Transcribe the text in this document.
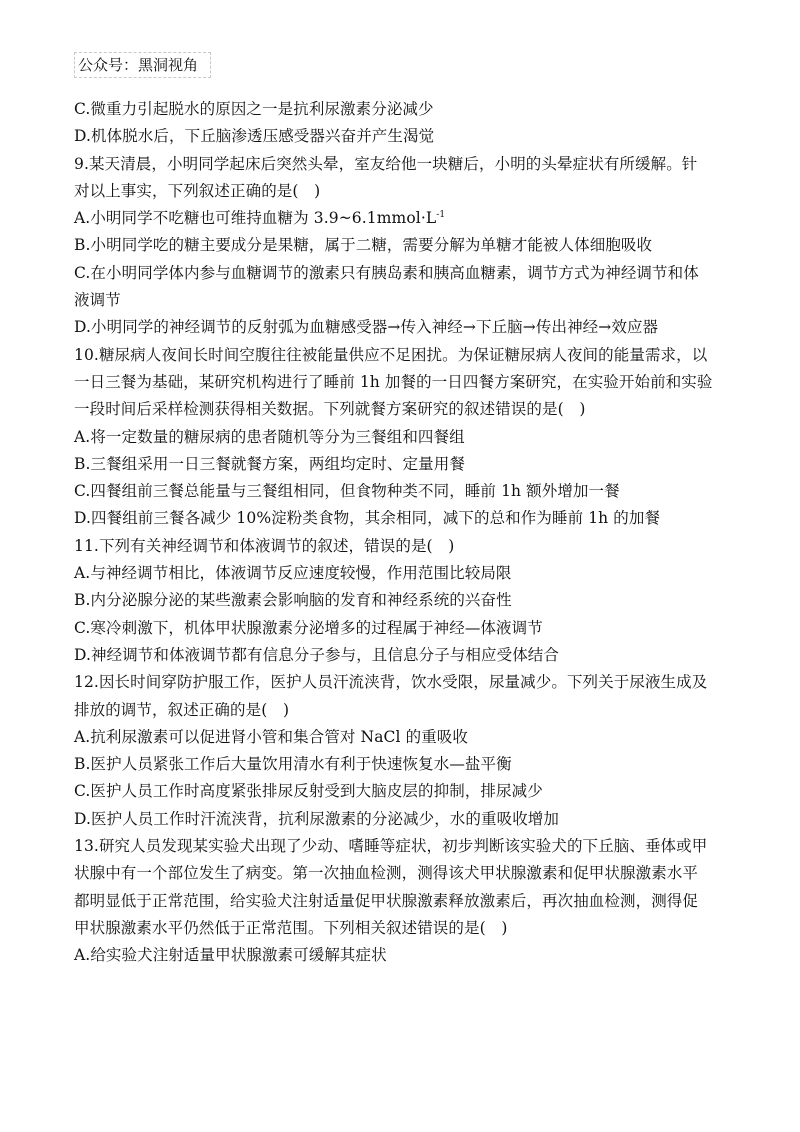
公众号：黑洞视角
C.微重力引起脱水的原因之一是抗利尿激素分泌减少
D.机体脱水后，下丘脑渗透压感受器兴奋并产生渴觉
9.某天清晨，小明同学起床后突然头晕，室友给他一块糖后，小明的头晕症状有所缓解。针
对以上事实，下列叙述正确的是(　)
A.小明同学不吃糖也可维持血糖为 $3.9\sim 6.1mmol\cdot L^{-1}$
B.小明同学吃的糖主要成分是果糖，属于二糖，需要分解为单糖才能被人体细胞吸收
C.在小明同学体内参与血糖调节的激素只有胰岛素和胰高血糖素，调节方式为神经调节和体
液调节
D.小明同学的神经调节的反射弧为血糖感受器→传入神经→下丘脑→传出神经→效应器
10.糖尿病人夜间长时间空腹往往被能量供应不足困扰。为保证糖尿病人夜间的能量需求，以
一日三餐为基础，某研究机构进行了睡前 1h 加餐的一日四餐方案研究，在实验开始前和实验
一段时间后采样检测获得相关数据。下列就餐方案研究的叙述错误的是(　)
A.将一定数量的糖尿病的患者随机等分为三餐组和四餐组
B.三餐组采用一日三餐就餐方案，两组均定时、定量用餐
C.四餐组前三餐总能量与三餐组相同，但食物种类不同，睡前 1h 额外增加一餐
D.四餐组前三餐各减少 10%淀粉类食物，其余相同，减下的总和作为睡前 1h 的加餐
11.下列有关神经调节和体液调节的叙述，错误的是(　)
A.与神经调节相比，体液调节反应速度较慢，作用范围比较局限
B.内分泌腺分泌的某些激素会影响脑的发育和神经系统的兴奋性
C.寒冷刺激下，机体甲状腺激素分泌增多的过程属于神经—体液调节
D.神经调节和体液调节都有信息分子参与，且信息分子与相应受体结合
12.因长时间穿防护服工作，医护人员汗流浃背，饮水受限，尿量减少。下列关于尿液生成及
排放的调节，叙述正确的是(　)
A.抗利尿激素可以促进肾小管和集合管对 NaCl 的重吸收
B.医护人员紧张工作后大量饮用清水有利于快速恢复水—盐平衡
C.医护人员工作时高度紧张排尿反射受到大脑皮层的抑制，排尿减少
D.医护人员工作时汗流浃背，抗利尿激素的分泌减少，水的重吸收增加
13.研究人员发现某实验犬出现了少动、嗜睡等症状，初步判断该实验犬的下丘脑、垂体或甲
状腺中有一个部位发生了病变。第一次抽血检测，测得该犬甲状腺激素和促甲状腺激素水平
都明显低于正常范围，给实验犬注射适量促甲状腺激素释放激素后，再次抽血检测，测得促
甲状腺激素水平仍然低于正常范围。下列相关叙述错误的是(　)
A.给实验犬注射适量甲状腺激素可缓解其症状
